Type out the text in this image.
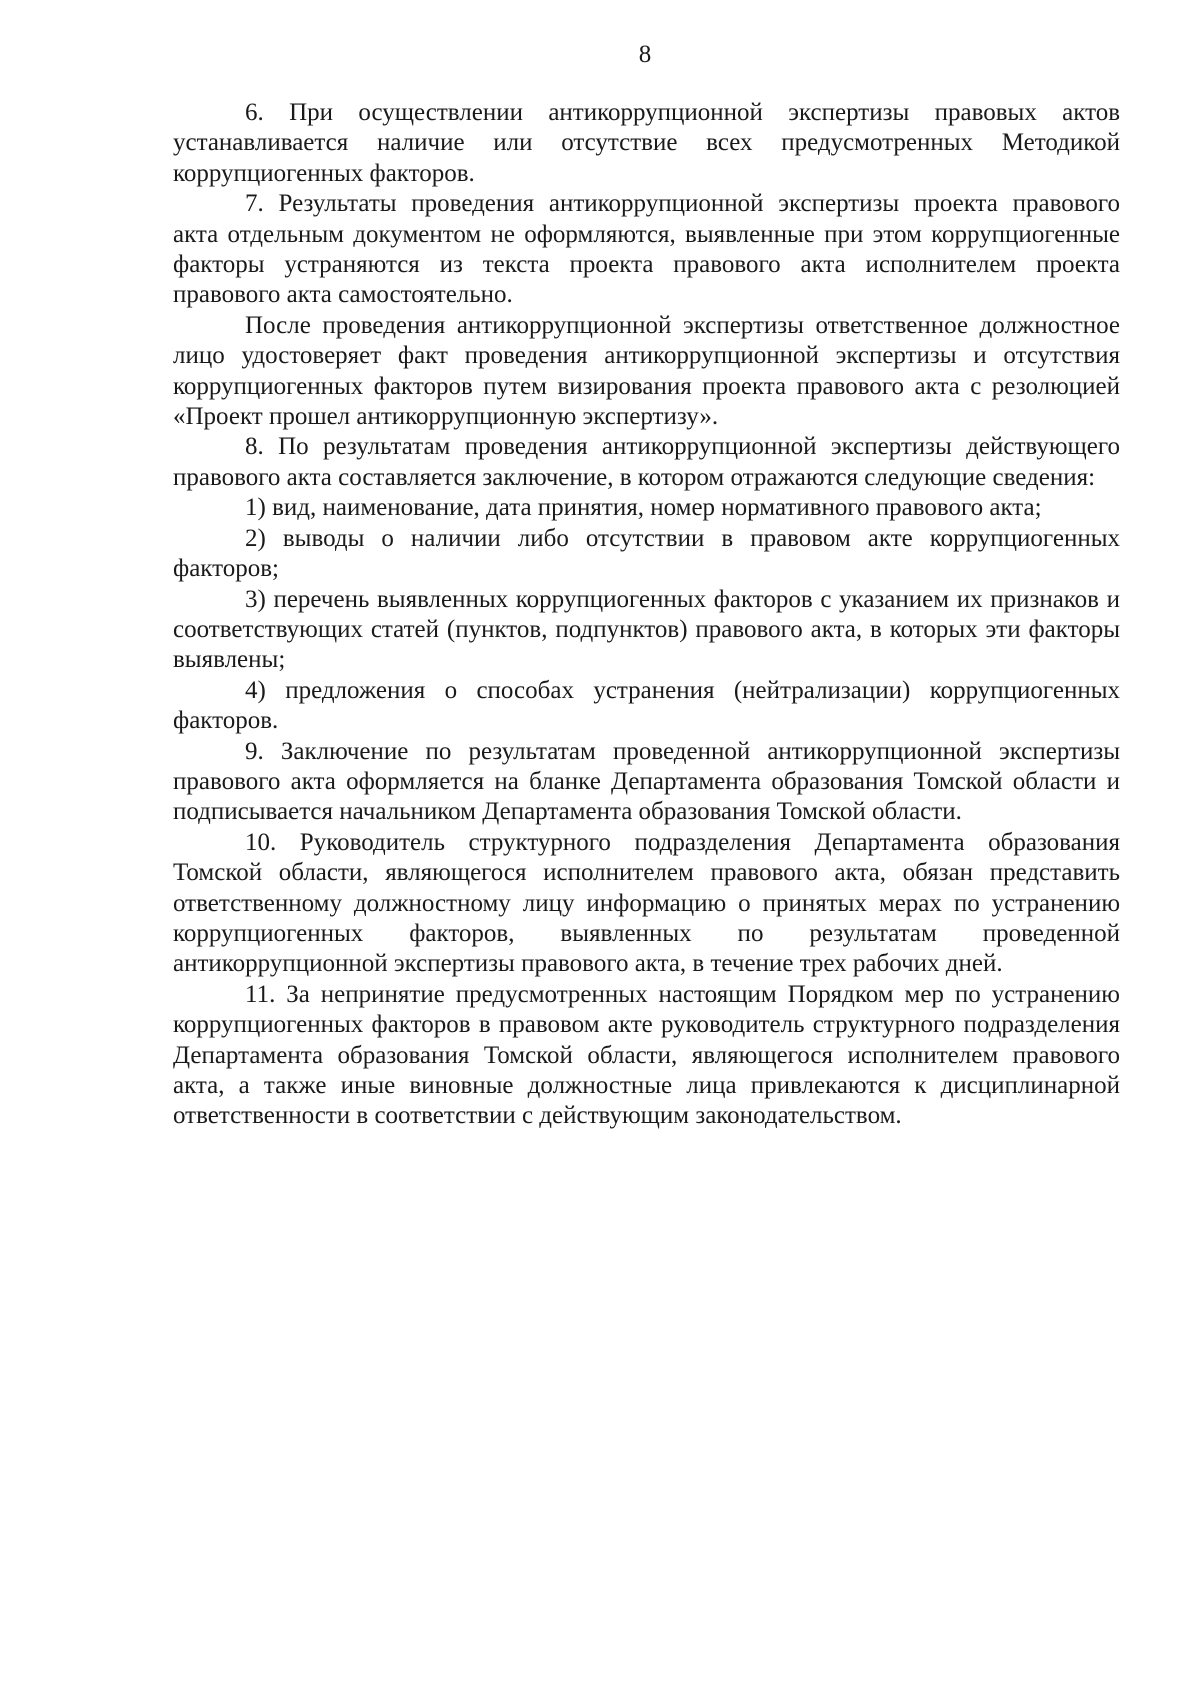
8

6. При осуществлении антикоррупционной экспертизы правовых актов устанавливается наличие или отсутствие всех предусмотренных Методикой коррупциогенных факторов.

7. Результаты проведения антикоррупционной экспертизы проекта правового акта отдельным документом не оформляются, выявленные при этом коррупциогенные факторы устраняются из текста проекта правового акта исполнителем проекта правового акта самостоятельно.

После проведения антикоррупционной экспертизы ответственное должностное лицо удостоверяет факт проведения антикоррупционной экспертизы и отсутствия коррупциогенных факторов путем визирования проекта правового акта с резолюцией «Проект прошел антикоррупционную экспертизу».

8. По результатам проведения антикоррупционной экспертизы действующего правового акта составляется заключение, в котором отражаются следующие сведения:

1) вид, наименование, дата принятия, номер нормативного правового акта;

2) выводы о наличии либо отсутствии в правовом акте коррупциогенных факторов;

3) перечень выявленных коррупциогенных факторов с указанием их признаков и соответствующих статей (пунктов, подпунктов) правового акта, в которых эти факторы выявлены;

4) предложения о способах устранения (нейтрализации) коррупциогенных факторов.

9. Заключение по результатам проведенной антикоррупционной экспертизы правового акта оформляется на бланке Департамента образования Томской области и подписывается начальником Департамента образования Томской области.

10. Руководитель структурного подразделения Департамента образования Томской области, являющегося исполнителем правового акта, обязан представить ответственному должностному лицу информацию о принятых мерах по устранению коррупциогенных факторов, выявленных по результатам проведенной антикоррупционной экспертизы правового акта, в течение трех рабочих дней.

11. За непринятие предусмотренных настоящим Порядком мер по устранению коррупциогенных факторов в правовом акте руководитель структурного подразделения Департамента образования Томской области, являющегося исполнителем правового акта, а также иные виновные должностные лица привлекаются к дисциплинарной ответственности в соответствии с действующим законодательством.
